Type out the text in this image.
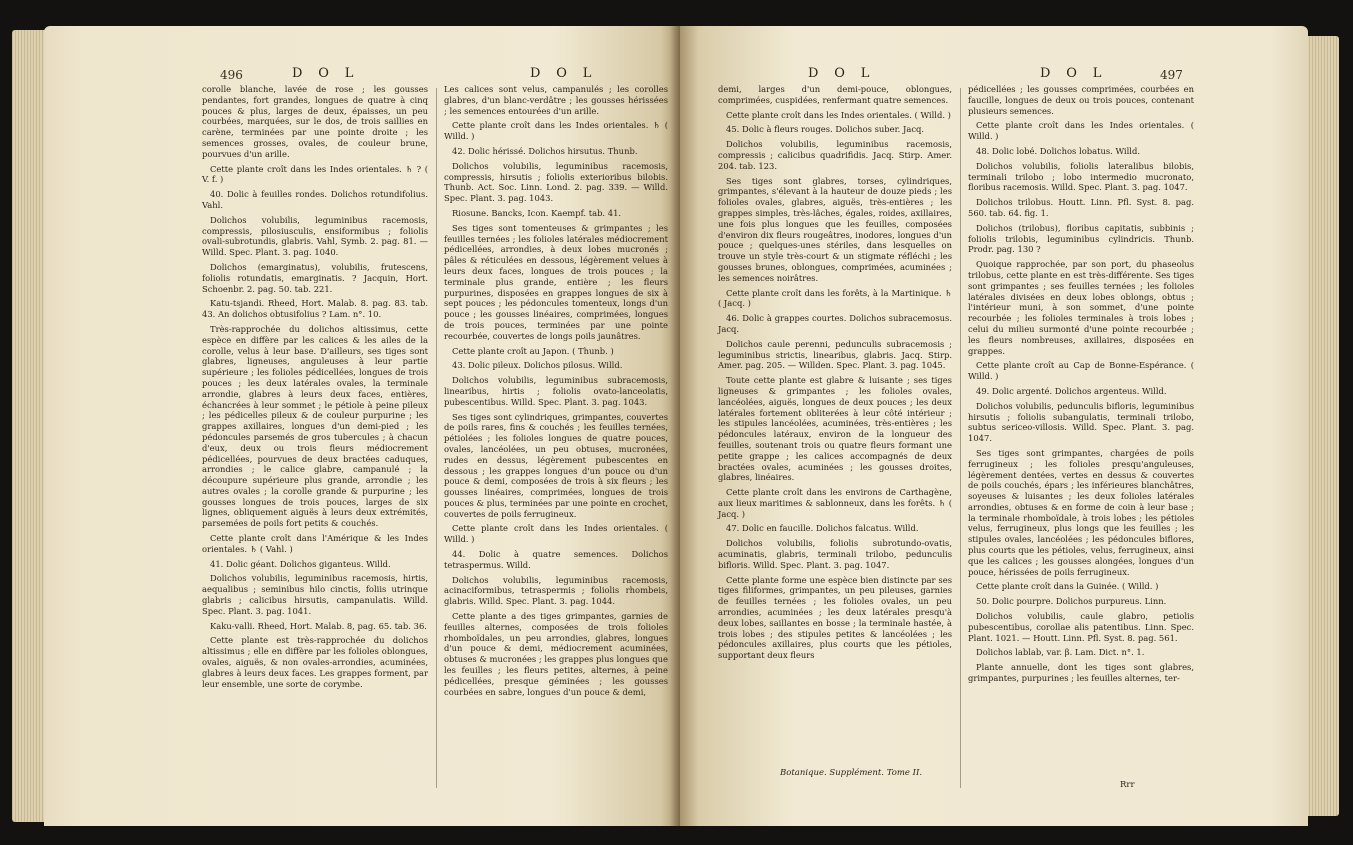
496	D O L	D O L

corolle blanche, lavée de rose ; les gousses pendantes, fort grandes, longues de quatre à cinq pouces & plus, larges de deux, épaisses, un peu courbées, marquées, sur le dos, de trois saillies en carène, terminées par une pointe droite ; les semences grosses, ovales, de couleur brune, pourvues d'un arille.

Cette plante croît dans les Indes orientales. ♄ ? ( V. f. )

40. Dolic à feuilles rondes. Dolichos rotundifolius. Vahl.

Dolichos volubilis, leguminibus racemosis, compressis, pilosiusculis, ensiformibus ; foliolis ovali-subrotundis, glabris. Vahl, Symb. 2. pag. 81. — Willd. Spec. Plant. 3. pag. 1040.

Dolichos (emarginatus), volubilis, frutescens, foliolis rotundatis, emarginatis. ? Jacquin, Hort. Schoenbr. 2. pag. 50. tab. 221.

Katu-tsjandi. Rheed, Hort. Malab. 8. pag. 83. tab. 43. An dolichos obtusifolius ? Lam. n°. 10.

Très-rapprochée du dolichos altissimus, cette espèce en diffère par les calices & les ailes de la corolle, velus à leur base. D'ailleurs, ses tiges sont glabres, ligneuses, anguleuses à leur partie supérieure ; les folioles pédicellées, longues de trois pouces ; les deux latérales ovales, la terminale arrondie, glabres à leurs deux faces, entières, échancrées à leur sommet ; le pétiole à peine pileux ; les pédicelles pileux & de couleur purpurine ; les grappes axillaires, longues d'un demi-pied ; les pédoncules parsemés de gros tubercules ; à chacun d'eux, deux ou trois fleurs médiocrement pédicellées, pourvues de deux bractées caduques, arrondies ; le calice glabre, campanulé ; la découpure supérieure plus grande, arrondie ; les autres ovales ; la corolle grande & purpurine ; les gousses longues de trois pouces, larges de six lignes, obliquement aiguës à leurs deux extrémités, parsemées de poils fort petits & couchés.

Cette plante croît dans l'Amérique & les Indes orientales. ♄ ( Vahl. )

41. Dolic géant. Dolichos giganteus. Willd.

Dolichos volubilis, leguminibus racemosis, hirtis, aequalibus ; seminibus hilo cinctis, foliis utrinque glabris ; calicibus hirsutis, campanulatis. Willd. Spec. Plant. 3. pag. 1041.

Kaku-valli. Rheed, Hort. Malab. 8, pag. 65. tab. 36.

Cette plante est très-rapprochée du dolichos altissimus ; elle en diffère par les folioles oblongues, ovales, aiguës, & non ovales-arrondies, acuminées, glabres à leurs deux faces. Les grappes forment, par leur ensemble, une sorte de corymbe.

Les calices sont velus, campanulés ; les corolles glabres, d'un blanc-verdâtre ; les gousses hérissées ; les semences entourées d'un arille.

Cette plante croît dans les Indes orientales. ♄ ( Willd. )

42. Dolic hérissé. Dolichos hirsutus. Thunb.

Dolichos volubilis, leguminibus racemosis, compressis, hirsutis ; foliolis exterioribus bilobis. Thunb. Act. Soc. Linn. Lond. 2. pag. 339. — Willd. Spec. Plant. 3. pag. 1043.

Riosune. Bancks, Icon. Kaempf. tab. 41.

Ses tiges sont tomenteuses & grimpantes ; les feuilles ternées ; les folioles latérales médiocrement pédicellées, arrondies, à deux lobes mucronés ; pâles & réticulées en dessous, légèrement velues à leurs deux faces, longues de trois pouces ; la terminale plus grande, entière ; les fleurs purpurines, disposées en grappes longues de six à sept pouces ; les pédoncules tomenteux, longs d'un pouce ; les gousses linéaires, comprimées, longues de trois pouces, terminées par une pointe recourbée, couvertes de longs poils jaunâtres.

Cette plante croît au Japon. ( Thunb. )

43. Dolic pileux. Dolichos pilosus. Willd.

Dolichos volubilis, leguminibus subracemosis, linearibus, hirtis ; foliolis ovato-lanceolatis, pubescentibus. Willd. Spec. Plant. 3. pag. 1043.

Ses tiges sont cylindriques, grimpantes, couvertes de poils rares, fins & couchés ; les feuilles ternées, pétiolées ; les folioles longues de quatre pouces, ovales, lancéolées, un peu obtuses, mucronées, rudes en dessus, légèrement pubescentes en dessous ; les grappes longues d'un pouce ou d'un pouce & demi, composées de trois à six fleurs ; les gousses linéaires, comprimées, longues de trois pouces & plus, terminées par une pointe en crochet, couvertes de poils ferrugineux.

Cette plante croît dans les Indes orientales. ( Willd. )

44. Dolic à quatre semences. Dolichos tetraspermus. Willd.

Dolichos volubilis, leguminibus racemosis, acinaciformibus, tetraspermis ; foliolis rhombeis, glabris. Willd. Spec. Plant. 3. pag. 1044.

Cette plante a des tiges grimpantes, garnies de feuilles alternes, composées de trois folioles rhomboïdales, un peu arrondies, glabres, longues d'un pouce & demi, médiocrement acuminées, obtuses & mucronées ; les grappes plus longues que les feuilles ; les fleurs petites, alternes, à peine pédicellées, presque géminées ; les gousses courbées en sabre, longues d'un pouce & demi,

D O L	D O L	497

demi, larges d'un demi-pouce, oblongues, comprimées, cuspidées, renfermant quatre semences.

Cette plante croît dans les Indes orientales. ( Willd. )

45. Dolic à fleurs rouges. Dolichos suber. Jacq.

Dolichos volubilis, leguminibus racemosis, compressis ; calicibus quadrifidis. Jacq. Stirp. Amer. 204. tab. 123.

Ses tiges sont glabres, torses, cylindriques, grimpantes, s'élevant à la hauteur de douze pieds ; les folioles ovales, glabres, aiguës, très-entières ; les grappes simples, très-lâches, égales, roides, axillaires, une fois plus longues que les feuilles, composées d'environ dix fleurs rougeâtres, inodores, longues d'un pouce ; quelques-unes stériles, dans lesquelles on trouve un style très-court & un stigmate réfléchi ; les gousses brunes, oblongues, comprimées, acuminées ; les semences noirâtres.

Cette plante croît dans les forêts, à la Martinique. ♄ ( Jacq. )

46. Dolic à grappes courtes. Dolichos subracemosus. Jacq.

Dolichos caule perenni, pedunculis subracemosis ; leguminibus strictis, linearibus, glabris. Jacq. Stirp. Amer. pag. 205. — Willden. Spec. Plant. 3. pag. 1045.

Toute cette plante est glabre & luisante ; ses tiges ligneuses & grimpantes ; les folioles ovales, lancéolées, aiguës, longues de deux pouces ; les deux latérales fortement obliterées à leur côté intérieur ; les stipules lancéolées, acuminées, très-entières ; les pédoncules latéraux, environ de la longueur des feuilles, soutenant trois ou quatre fleurs formant une petite grappe ; les calices accompagnés de deux bractées ovales, acuminées ; les gousses droites, glabres, linéaires.

Cette plante croît dans les environs de Carthagène, aux lieux maritimes & sablonneux, dans les forêts. ♄ ( Jacq. )

47. Dolic en faucille. Dolichos falcatus. Willd.

Dolichos volubilis, foliolis subrotundo-ovatis, acuminatis, glabris, terminali trilobo, pedunculis bifloris. Willd. Spec. Plant. 3. pag. 1047.

Cette plante forme une espèce bien distincte par ses tiges filiformes, grimpantes, un peu pileuses, garnies de feuilles ternées ; les folioles ovales, un peu arrondies, acuminées ; les deux latérales presqu'à deux lobes, saillantes en bosse ; la terminale hastée, à trois lobes ; des stipules petites & lancéolées ; les pédoncules axillaires, plus courts que les pétioles, supportant deux fleurs

pédicellées ; les gousses comprimées, courbées en faucille, longues de deux ou trois pouces, contenant plusieurs semences.

Cette plante croît dans les Indes orientales. ( Willd. )

48. Dolic lobé. Dolichos lobatus. Willd.

Dolichos volubilis, foliolis lateralibus bilobis, terminali trilobo ; lobo intermedio mucronato, floribus racemosis. Willd. Spec. Plant. 3. pag. 1047.

Dolichos trilobus. Houtt. Linn. Pfl. Syst. 8. pag. 560. tab. 64. fig. 1.

Dolichos (trilobus), floribus capitatis, subbinis ; foliolis trilobis, leguminibus cylindricis. Thunb. Prodr. pag. 130 ?

Quoique rapprochée, par son port, du phaseolus trilobus, cette plante en est très-différente. Ses tiges sont grimpantes ; ses feuilles ternées ; les folioles latérales divisées en deux lobes oblongs, obtus ; l'intérieur muni, à son sommet, d'une pointe recourbée ; les folioles terminales à trois lobes ; celui du milieu surmonté d'une pointe recourbée ; les fleurs nombreuses, axillaires, disposées en grappes.

Cette plante croît au Cap de Bonne-Espérance. ( Willd. )

49. Dolic argenté. Dolichos argenteus. Willd.

Dolichos volubilis, pedunculis bifloris, leguminibus hirsutis ; foliolis subangulatis, terminali trilobo, subtus sericeo-villosis. Willd. Spec. Plant. 3. pag. 1047.

Ses tiges sont grimpantes, chargées de poils ferrugineux ; les folioles presqu'anguleuses, légèrement dentées, vertes en dessus & couvertes de poils couchés, épars ; les inférieures blanchâtres, soyeuses & luisantes ; les deux folioles latérales arrondies, obtuses & en forme de coin à leur base ; la terminale rhomboïdale, à trois lobes ; les pétioles velus, ferrugineux, plus longs que les feuilles ; les stipules ovales, lancéolées ; les pédoncules biflores, plus courts que les pétioles, velus, ferrugineux, ainsi que les calices ; les gousses alongées, longues d'un pouce, hérissées de poils ferrugineux.

Cette plante croît dans la Guinée. ( Willd. )

50. Dolic pourpre. Dolichos purpureus. Linn.

Dolichos volubilis, caule glabro, petiolis pubescentibus, corollae alis patentibus. Linn. Spec. Plant. 1021. — Houtt. Linn. Pfl. Syst. 8. pag. 561.

Dolichos lablab, var. β. Lam. Dict. n°. 1.

Plante annuelle, dont les tiges sont glabres, grimpantes, purpurines ; les feuilles alternes, ter-

Botanique. Supplément. Tome II.
Rrr
